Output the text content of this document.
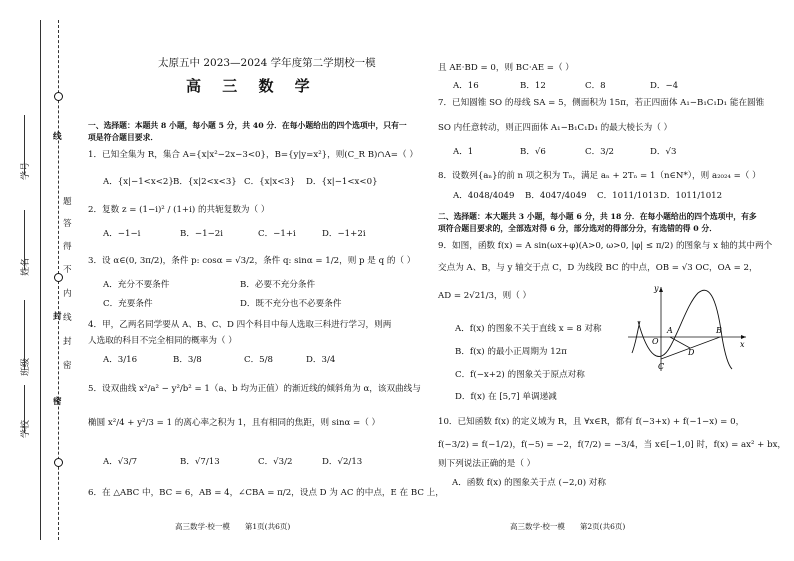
线
封
密
学号
姓名
学校
班级
题
答
得
不
内
线
封
密
太原五中 2023—2024 学年度第二学期校一模
高 三 数 学
一、选择题：本题共 8 小题，每小题 5 分，共 40 分．在每小题给出的四个选项中，只有一
项是符合题目要求．
1．已知全集为 R，集合 A={x|x²−2x−3<0}，B={y|y=x²}，则(C_R B)∩A=（ ）
A．{x|−1<x<2} B．{x|2<x<3} C．{x|x<3} D．{x|−1<x<0}
2．复数 z = (1−i)² / (1+i) 的共轭复数为（ ）
A．−1−i	B．−1−2i	C．−1+i	D．−1+2i
3．设 α∈(0, 3π/2)，条件 p: cosα = √3/2，条件 q: sinα = 1/2，则 p 是 q 的（ ）
A．充分不要条件	B．必要不充分条件
C．充要条件	D．既不充分也不必要条件
4．甲，乙两名同学要从 A、B、C、D 四个科目中每人选取三科进行学习，则两
人选取的科目不完全相同的概率为（ ）
A．3/16	B．3/8	C．5/8	D．3/4
5．设双曲线 x²/a² − y²/b² = 1（a、b 均为正值）的渐近线的倾斜角为 α，该双曲线与
椭圆 x²/4 + y²/3 = 1 的离心率之积为 1，且有相同的焦距，则 sinα =（ ）
A．√3/7	B．√7/13	C．√3/2	D．√2/13
6．在 △ABC 中，BC = 6，AB = 4，∠CBA = π/2，设点 D 为 AC 的中点，E 在 BC 上，
高三数学·校一模　　第1页(共6页)
且 AE·BD = 0，则 BC·AE =（ ）
A．16	B．12	C．8	D．−4
7．已知圆锥 SO 的母线 SA = 5，侧面积为 15π，若正四面体 A₁−B₁C₁D₁ 能在圆锥
SO 内任意转动，则正四面体 A₁−B₁C₁D₁ 的最大棱长为（ ）
A．1	B．√6	C．3/2	D．√3
8．设数列{aₙ}的前 n 项之积为 Tₙ，满足 aₙ + 2Tₙ = 1（n∈N*），则 a₂₀₂₄ =（ ）
A．4048/4049 B．4047/4049 C．1011/1013 D．1011/1012
二、选择题：本大题共 3 小题，每小题 6 分，共 18 分．在每小题给出的四个选项中，有多
项符合题目要求的，全部选对得 6 分，部分选对的得部分分，有选错的得 0 分．
9．如图，函数 f(x) = A sin(ωx+φ)(A>0, ω>0, |φ| ≤ π/2) 的图象与 x 轴的其中两个
交点为 A、B，与 y 轴交于点 C，D 为线段 BC 的中点，OB = √3 OC，OA = 2，
AD = 2√21/3，则（ ）
A．f(x) 的图象不关于直线 x = 8 对称
B．f(x) 的最小正周期为 12π
C．f(−x+2) 的图象关于原点对称
D．f(x) 在 [5,7] 单调递减
y
x
O
A	B
C
D
10．已知函数 f(x) 的定义域为 R，且 ∀x∈R，都有 f(−3+x) + f(−1−x) = 0，
f(−3/2) = f(−1/2)，f(−5) = −2，f(7/2) = −3/4，当 x∈[−1,0] 时，f(x) = ax² + bx，
则下列说法正确的是（ ）
A．函数 f(x) 的图象关于点 (−2,0) 对称
高三数学·校一模　　第2页(共6页)
